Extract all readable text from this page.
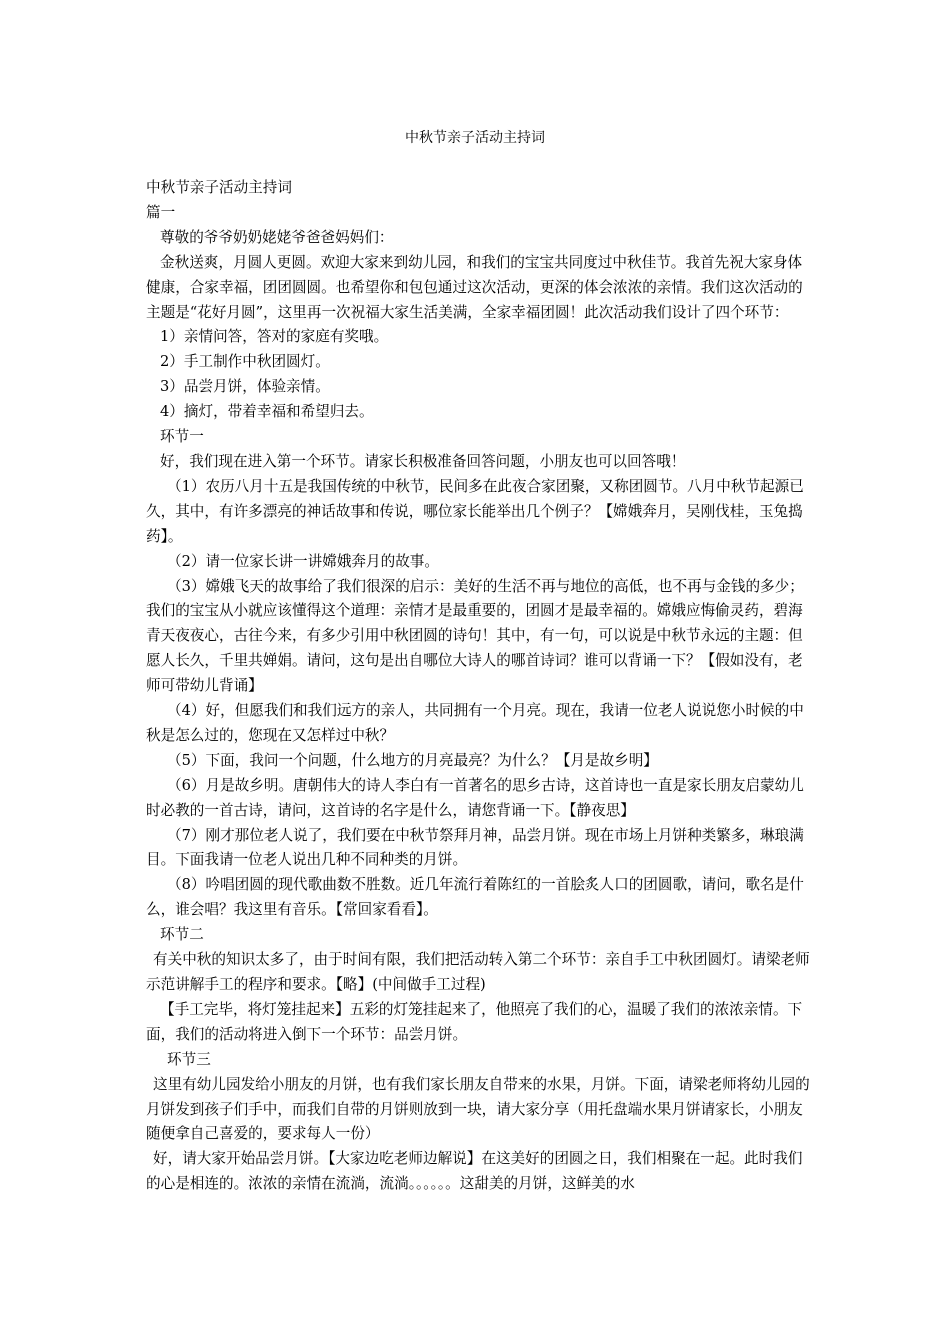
中秋节亲子活动主持词

中秋节亲子活动主持词

篇一

尊敬的爷爷奶奶姥姥爷爸爸妈妈们：

金秋送爽，月圆人更圆。欢迎大家来到幼儿园，和我们的宝宝共同度过中秋佳节。我首先祝大家身体健康，合家幸福，团团圆圆。也希望你和包包通过这次活动，更深的体会浓浓的亲情。我们这次活动的主题是“花好月圆”，这里再一次祝福大家生活美满，全家幸福团圆！此次活动我们设计了四个环节：

1）亲情问答，答对的家庭有奖哦。

2）手工制作中秋团圆灯。

3）品尝月饼，体验亲情。

4）摘灯，带着幸福和希望归去。

环节一

好，我们现在进入第一个环节。请家长积极准备回答问题，小朋友也可以回答哦！

（1）农历八月十五是我国传统的中秋节，民间多在此夜合家团聚，又称团圆节。八月中秋节起源已久，其中，有许多漂亮的神话故事和传说，哪位家长能举出几个例子？【嫦娥奔月，吴刚伐桂，玉兔捣药】。

（2）请一位家长讲一讲嫦娥奔月的故事。

（3）嫦娥飞天的故事给了我们很深的启示：美好的生活不再与地位的高低，也不再与金钱的多少；我们的宝宝从小就应该懂得这个道理：亲情才是最重要的，团圆才是最幸福的。嫦娥应悔偷灵药，碧海青天夜夜心，古往今来，有多少引用中秋团圆的诗句！其中，有一句，可以说是中秋节永远的主题：但愿人长久，千里共婵娟。请问，这句是出自哪位大诗人的哪首诗词？谁可以背诵一下？【假如没有，老师可带幼儿背诵】

（4）好，但愿我们和我们远方的亲人，共同拥有一个月亮。现在，我请一位老人说说您小时候的中秋是怎么过的，您现在又怎样过中秋？

（5）下面，我问一个问题，什么地方的月亮最亮？为什么？【月是故乡明】

（6）月是故乡明。唐朝伟大的诗人李白有一首著名的思乡古诗，这首诗也一直是家长朋友启蒙幼儿时必教的一首古诗，请问，这首诗的名字是什么，请您背诵一下。【静夜思】

（7）刚才那位老人说了，我们要在中秋节祭拜月神，品尝月饼。现在市场上月饼种类繁多，琳琅满目。下面我请一位老人说出几种不同种类的月饼。

（8）吟唱团圆的现代歌曲数不胜数。近几年流行着陈红的一首脍炙人口的团圆歌，请问，歌名是什么，谁会唱？我这里有音乐。【常回家看看】。

环节二

有关中秋的知识太多了，由于时间有限，我们把活动转入第二个环节：亲自手工中秋团圆灯。请梁老师示范讲解手工的程序和要求。【略】(中间做手工过程)

【手工完毕，将灯笼挂起来】五彩的灯笼挂起来了，他照亮了我们的心，温暖了我们的浓浓亲情。下面，我们的活动将进入倒下一个环节：品尝月饼。

环节三

这里有幼儿园发给小朋友的月饼，也有我们家长朋友自带来的水果，月饼。下面，请梁老师将幼儿园的月饼发到孩子们手中，而我们自带的月饼则放到一块，请大家分享（用托盘端水果月饼请家长，小朋友随便拿自己喜爱的，要求每人一份）

好，请大家开始品尝月饼。【大家边吃老师边解说】在这美好的团圆之日，我们相聚在一起。此时我们的心是相连的。浓浓的亲情在流淌，流淌。。。。。。这甜美的月饼，这鲜美的水
